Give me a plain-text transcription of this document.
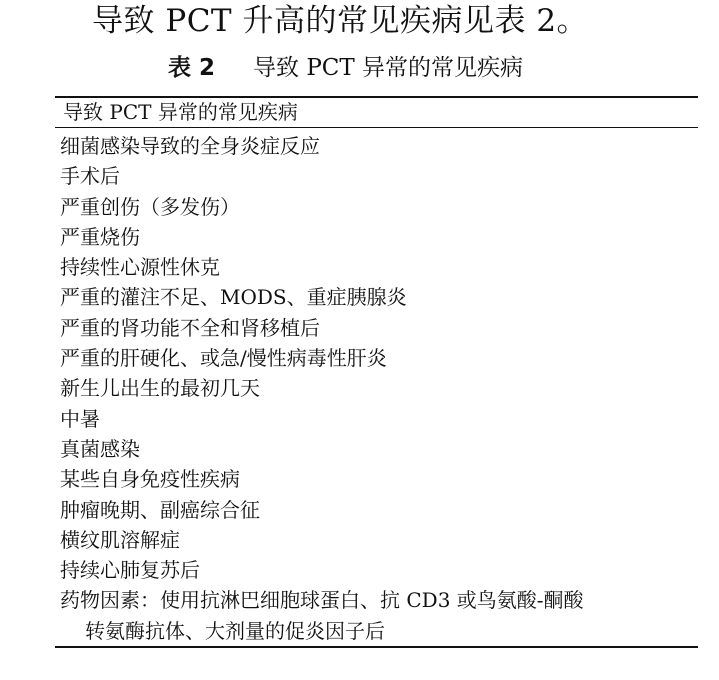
导致 PCT 升高的常见疾病见表 2。
表 2 导致 PCT 异常的常见疾病
导致 PCT 异常的常见疾病
细菌感染导致的全身炎症反应
手术后
严重创伤（多发伤）
严重烧伤
持续性心源性休克
严重的灌注不足、MODS、重症胰腺炎
严重的肾功能不全和肾移植后
严重的肝硬化、或急/慢性病毒性肝炎
新生儿出生的最初几天
中暑
真菌感染
某些自身免疫性疾病
肿瘤晚期、副癌综合征
横纹肌溶解症
持续心肺复苏后
药物因素：使用抗淋巴细胞球蛋白、抗 CD3 或鸟氨酸-酮酸
转氨酶抗体、大剂量的促炎因子后
